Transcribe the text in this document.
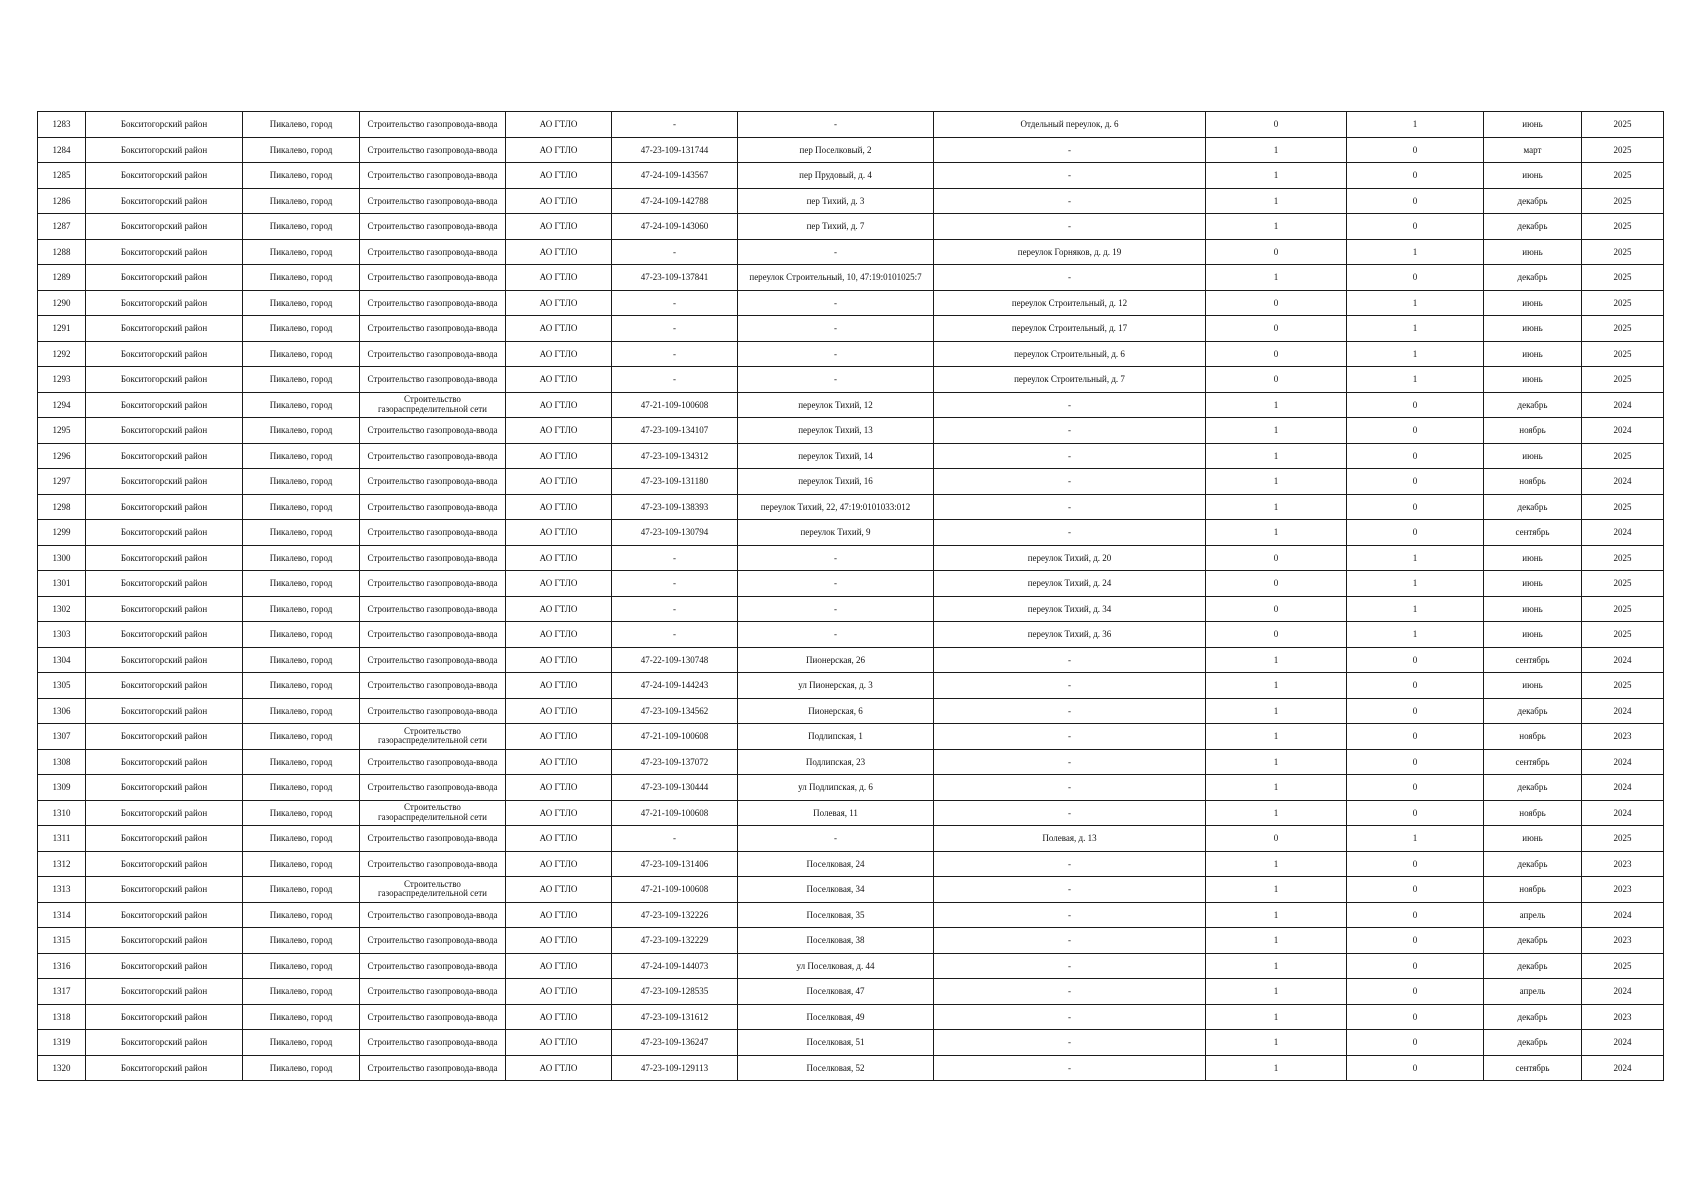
1283	Бокситогорский район	Пикалево, город	Строительство газопровода-ввода	АО ГТЛО	-	-	Отдельный переулок, д. 6	0	1	июнь	2025
1284	Бокситогорский район	Пикалево, город	Строительство газопровода-ввода	АО ГТЛО	47-23-109-131744	пер Поселковый, 2	-	1	0	март	2025
1285	Бокситогорский район	Пикалево, город	Строительство газопровода-ввода	АО ГТЛО	47-24-109-143567	пер Прудовый, д. 4	-	1	0	июнь	2025
1286	Бокситогорский район	Пикалево, город	Строительство газопровода-ввода	АО ГТЛО	47-24-109-142788	пер Тихий, д. 3	-	1	0	декабрь	2025
1287	Бокситогорский район	Пикалево, город	Строительство газопровода-ввода	АО ГТЛО	47-24-109-143060	пер Тихий, д. 7	-	1	0	декабрь	2025
1288	Бокситогорский район	Пикалево, город	Строительство газопровода-ввода	АО ГТЛО	-	-	переулок Горняков, д. д. 19	0	1	июнь	2025
1289	Бокситогорский район	Пикалево, город	Строительство газопровода-ввода	АО ГТЛО	47-23-109-137841	переулок Строительный, 10, 47:19:0101025:7	-	1	0	декабрь	2025
1290	Бокситогорский район	Пикалево, город	Строительство газопровода-ввода	АО ГТЛО	-	-	переулок Строительный, д. 12	0	1	июнь	2025
1291	Бокситогорский район	Пикалево, город	Строительство газопровода-ввода	АО ГТЛО	-	-	переулок Строительный, д. 17	0	1	июнь	2025
1292	Бокситогорский район	Пикалево, город	Строительство газопровода-ввода	АО ГТЛО	-	-	переулок Строительный, д. 6	0	1	июнь	2025
1293	Бокситогорский район	Пикалево, город	Строительство газопровода-ввода	АО ГТЛО	-	-	переулок Строительный, д. 7	0	1	июнь	2025
1294	Бокситогорский район	Пикалево, город	Строительство газораспределительной сети	АО ГТЛО	47-21-109-100608	переулок Тихий, 12	-	1	0	декабрь	2024
1295	Бокситогорский район	Пикалево, город	Строительство газопровода-ввода	АО ГТЛО	47-23-109-134107	переулок Тихий, 13	-	1	0	ноябрь	2024
1296	Бокситогорский район	Пикалево, город	Строительство газопровода-ввода	АО ГТЛО	47-23-109-134312	переулок Тихий, 14	-	1	0	июнь	2025
1297	Бокситогорский район	Пикалево, город	Строительство газопровода-ввода	АО ГТЛО	47-23-109-131180	переулок Тихий, 16	-	1	0	ноябрь	2024
1298	Бокситогорский район	Пикалево, город	Строительство газопровода-ввода	АО ГТЛО	47-23-109-138393	переулок Тихий, 22, 47:19:0101033:012	-	1	0	декабрь	2025
1299	Бокситогорский район	Пикалево, город	Строительство газопровода-ввода	АО ГТЛО	47-23-109-130794	переулок Тихий, 9	-	1	0	сентябрь	2024
1300	Бокситогорский район	Пикалево, город	Строительство газопровода-ввода	АО ГТЛО	-	-	переулок Тихий, д. 20	0	1	июнь	2025
1301	Бокситогорский район	Пикалево, город	Строительство газопровода-ввода	АО ГТЛО	-	-	переулок Тихий, д. 24	0	1	июнь	2025
1302	Бокситогорский район	Пикалево, город	Строительство газопровода-ввода	АО ГТЛО	-	-	переулок Тихий, д. 34	0	1	июнь	2025
1303	Бокситогорский район	Пикалево, город	Строительство газопровода-ввода	АО ГТЛО	-	-	переулок Тихий, д. 36	0	1	июнь	2025
1304	Бокситогорский район	Пикалево, город	Строительство газопровода-ввода	АО ГТЛО	47-22-109-130748	Пионерская, 26	-	1	0	сентябрь	2024
1305	Бокситогорский район	Пикалево, город	Строительство газопровода-ввода	АО ГТЛО	47-24-109-144243	ул Пионерская, д. 3	-	1	0	июнь	2025
1306	Бокситогорский район	Пикалево, город	Строительство газопровода-ввода	АО ГТЛО	47-23-109-134562	Пионерская, 6	-	1	0	декабрь	2024
1307	Бокситогорский район	Пикалево, город	Строительство газораспределительной сети	АО ГТЛО	47-21-109-100608	Подлипская, 1	-	1	0	ноябрь	2023
1308	Бокситогорский район	Пикалево, город	Строительство газопровода-ввода	АО ГТЛО	47-23-109-137072	Подлипская, 23	-	1	0	сентябрь	2024
1309	Бокситогорский район	Пикалево, город	Строительство газопровода-ввода	АО ГТЛО	47-23-109-130444	ул Подлипская, д. 6	-	1	0	декабрь	2024
1310	Бокситогорский район	Пикалево, город	Строительство газораспределительной сети	АО ГТЛО	47-21-109-100608	Полевая, 11	-	1	0	ноябрь	2024
1311	Бокситогорский район	Пикалево, город	Строительство газопровода-ввода	АО ГТЛО	-	-	Полевая, д. 13	0	1	июнь	2025
1312	Бокситогорский район	Пикалево, город	Строительство газопровода-ввода	АО ГТЛО	47-23-109-131406	Поселковая, 24	-	1	0	декабрь	2023
1313	Бокситогорский район	Пикалево, город	Строительство газораспределительной сети	АО ГТЛО	47-21-109-100608	Поселковая, 34	-	1	0	ноябрь	2023
1314	Бокситогорский район	Пикалево, город	Строительство газопровода-ввода	АО ГТЛО	47-23-109-132226	Поселковая, 35	-	1	0	апрель	2024
1315	Бокситогорский район	Пикалево, город	Строительство газопровода-ввода	АО ГТЛО	47-23-109-132229	Поселковая, 38	-	1	0	декабрь	2023
1316	Бокситогорский район	Пикалево, город	Строительство газопровода-ввода	АО ГТЛО	47-24-109-144073	ул Поселковая, д. 44	-	1	0	декабрь	2025
1317	Бокситогорский район	Пикалево, город	Строительство газопровода-ввода	АО ГТЛО	47-23-109-128535	Поселковая, 47	-	1	0	апрель	2024
1318	Бокситогорский район	Пикалево, город	Строительство газопровода-ввода	АО ГТЛО	47-23-109-131612	Поселковая, 49	-	1	0	декабрь	2023
1319	Бокситогорский район	Пикалево, город	Строительство газопровода-ввода	АО ГТЛО	47-23-109-136247	Поселковая, 51	-	1	0	декабрь	2024
1320	Бокситогорский район	Пикалево, город	Строительство газопровода-ввода	АО ГТЛО	47-23-109-129113	Поселковая, 52	-	1	0	сентябрь	2024
